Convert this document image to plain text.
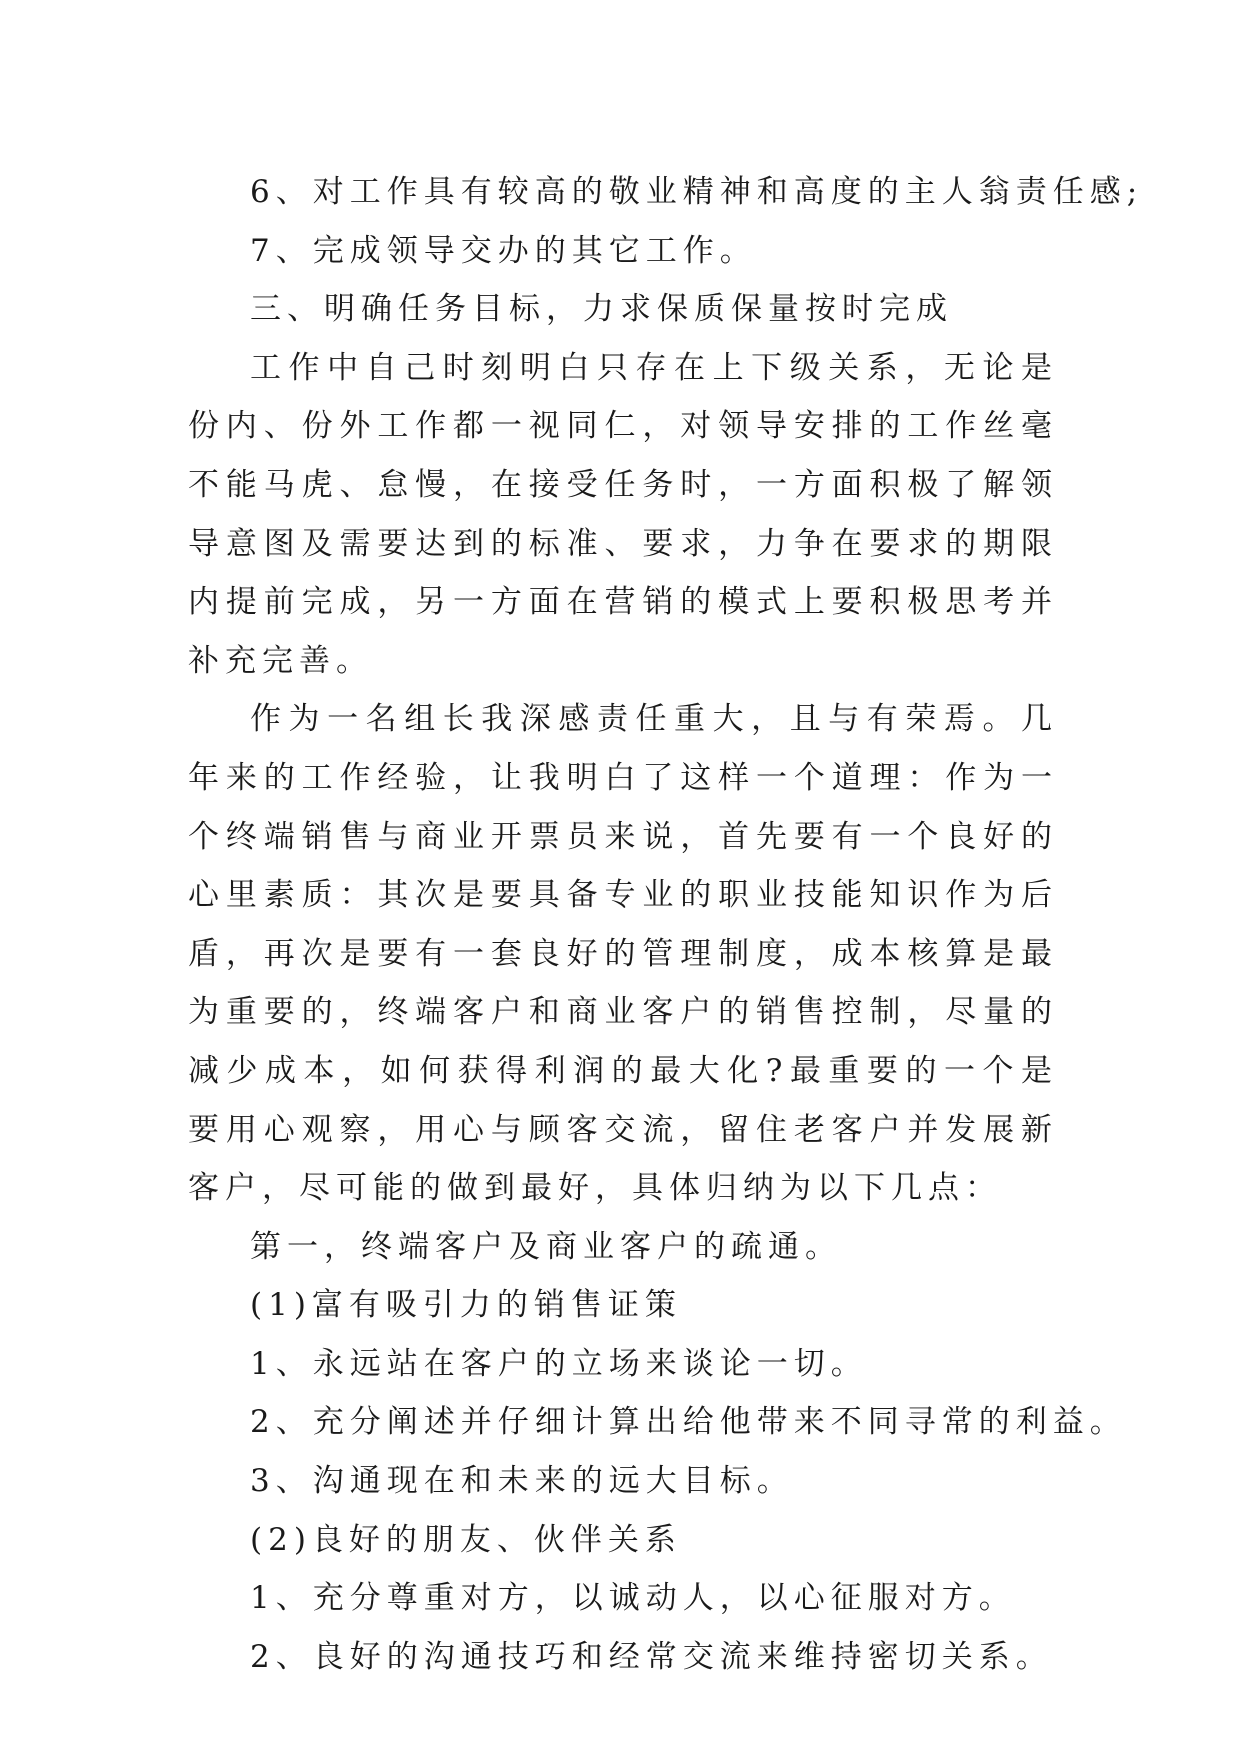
6、对工作具有较高的敬业精神和高度的主人翁责任感;

7、完成领导交办的其它工作。

三、明确任务目标，力求保质保量按时完成

工作中自己时刻明白只存在上下级关系，无论是份内、份外工作都一视同仁，对领导安排的工作丝毫不能马虎、怠慢，在接受任务时，一方面积极了解领导意图及需要达到的标准、要求，力争在要求的期限内提前完成，另一方面在营销的模式上要积极思考并补充完善。

作为一名组长我深感责任重大，且与有荣焉。几年来的工作经验，让我明白了这样一个道理：作为一个终端销售与商业开票员来说，首先要有一个良好的心里素质：其次是要具备专业的职业技能知识作为后盾，再次是要有一套良好的管理制度，成本核算是最为重要的，终端客户和商业客户的销售控制，尽量的减少成本，如何获得利润的最大化?最重要的一个是要用心观察，用心与顾客交流，留住老客户并发展新客户，尽可能的做到最好，具体归纳为以下几点：

第一，终端客户及商业客户的疏通。

(1)富有吸引力的销售证策

1、永远站在客户的立场来谈论一切。

2、充分阐述并仔细计算出给他带来不同寻常的利益。

3、沟通现在和未来的远大目标。

(2)良好的朋友、伙伴关系

1、充分尊重对方，以诚动人，以心征服对方。

2、良好的沟通技巧和经常交流来维持密切关系。
